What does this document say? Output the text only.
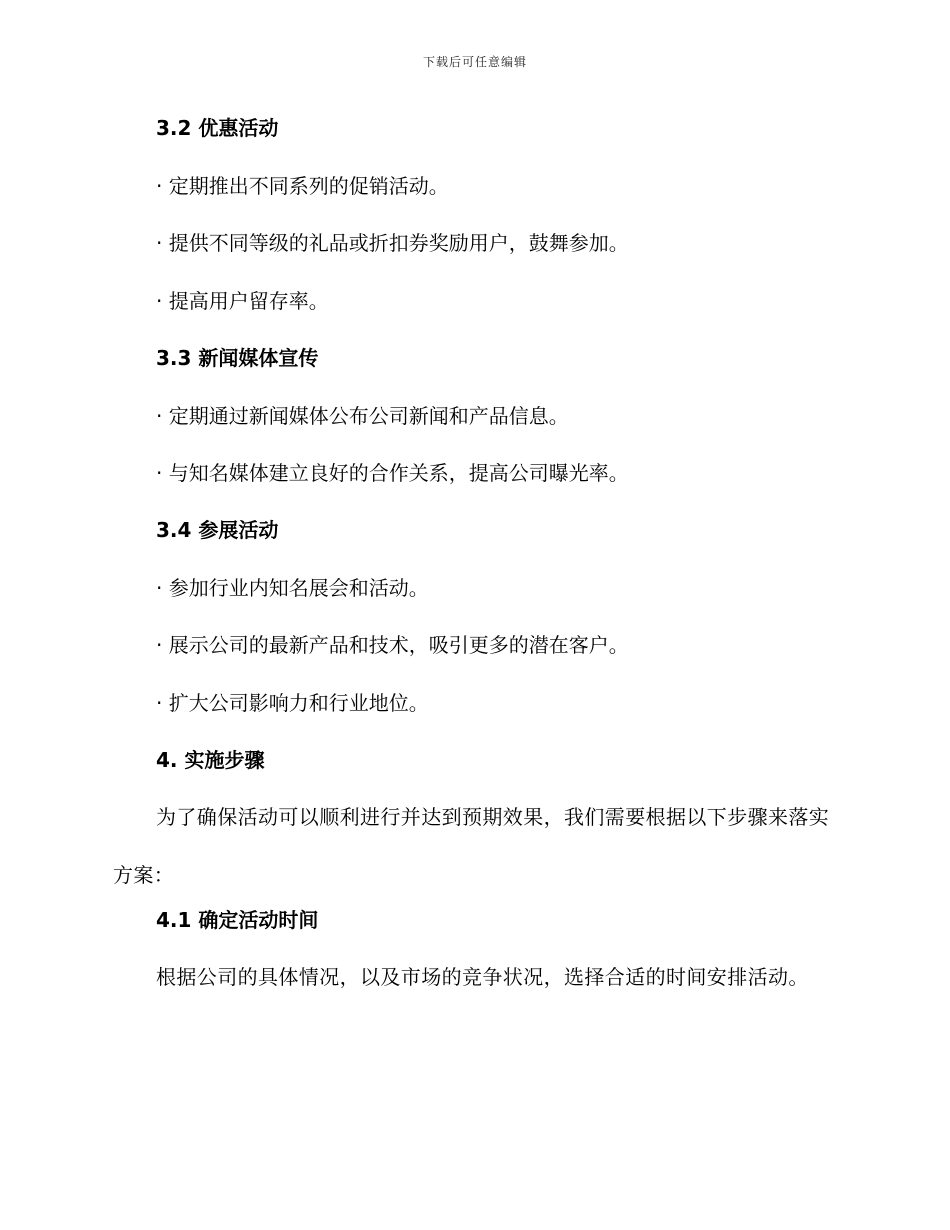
下载后可任意编辑
3.2 优惠活动
· 定期推出不同系列的促销活动。
· 提供不同等级的礼品或折扣券奖励用户，鼓舞参加。
· 提高用户留存率。
3.3 新闻媒体宣传
· 定期通过新闻媒体公布公司新闻和产品信息。
· 与知名媒体建立良好的合作关系，提高公司曝光率。
3.4 参展活动
· 参加行业内知名展会和活动。
· 展示公司的最新产品和技术，吸引更多的潜在客户。
· 扩大公司影响力和行业地位。
4. 实施步骤
为了确保活动可以顺利进行并达到预期效果，我们需要根据以下步骤来落实方案：
4.1 确定活动时间
根据公司的具体情况，以及市场的竞争状况，选择合适的时间安排活动。
